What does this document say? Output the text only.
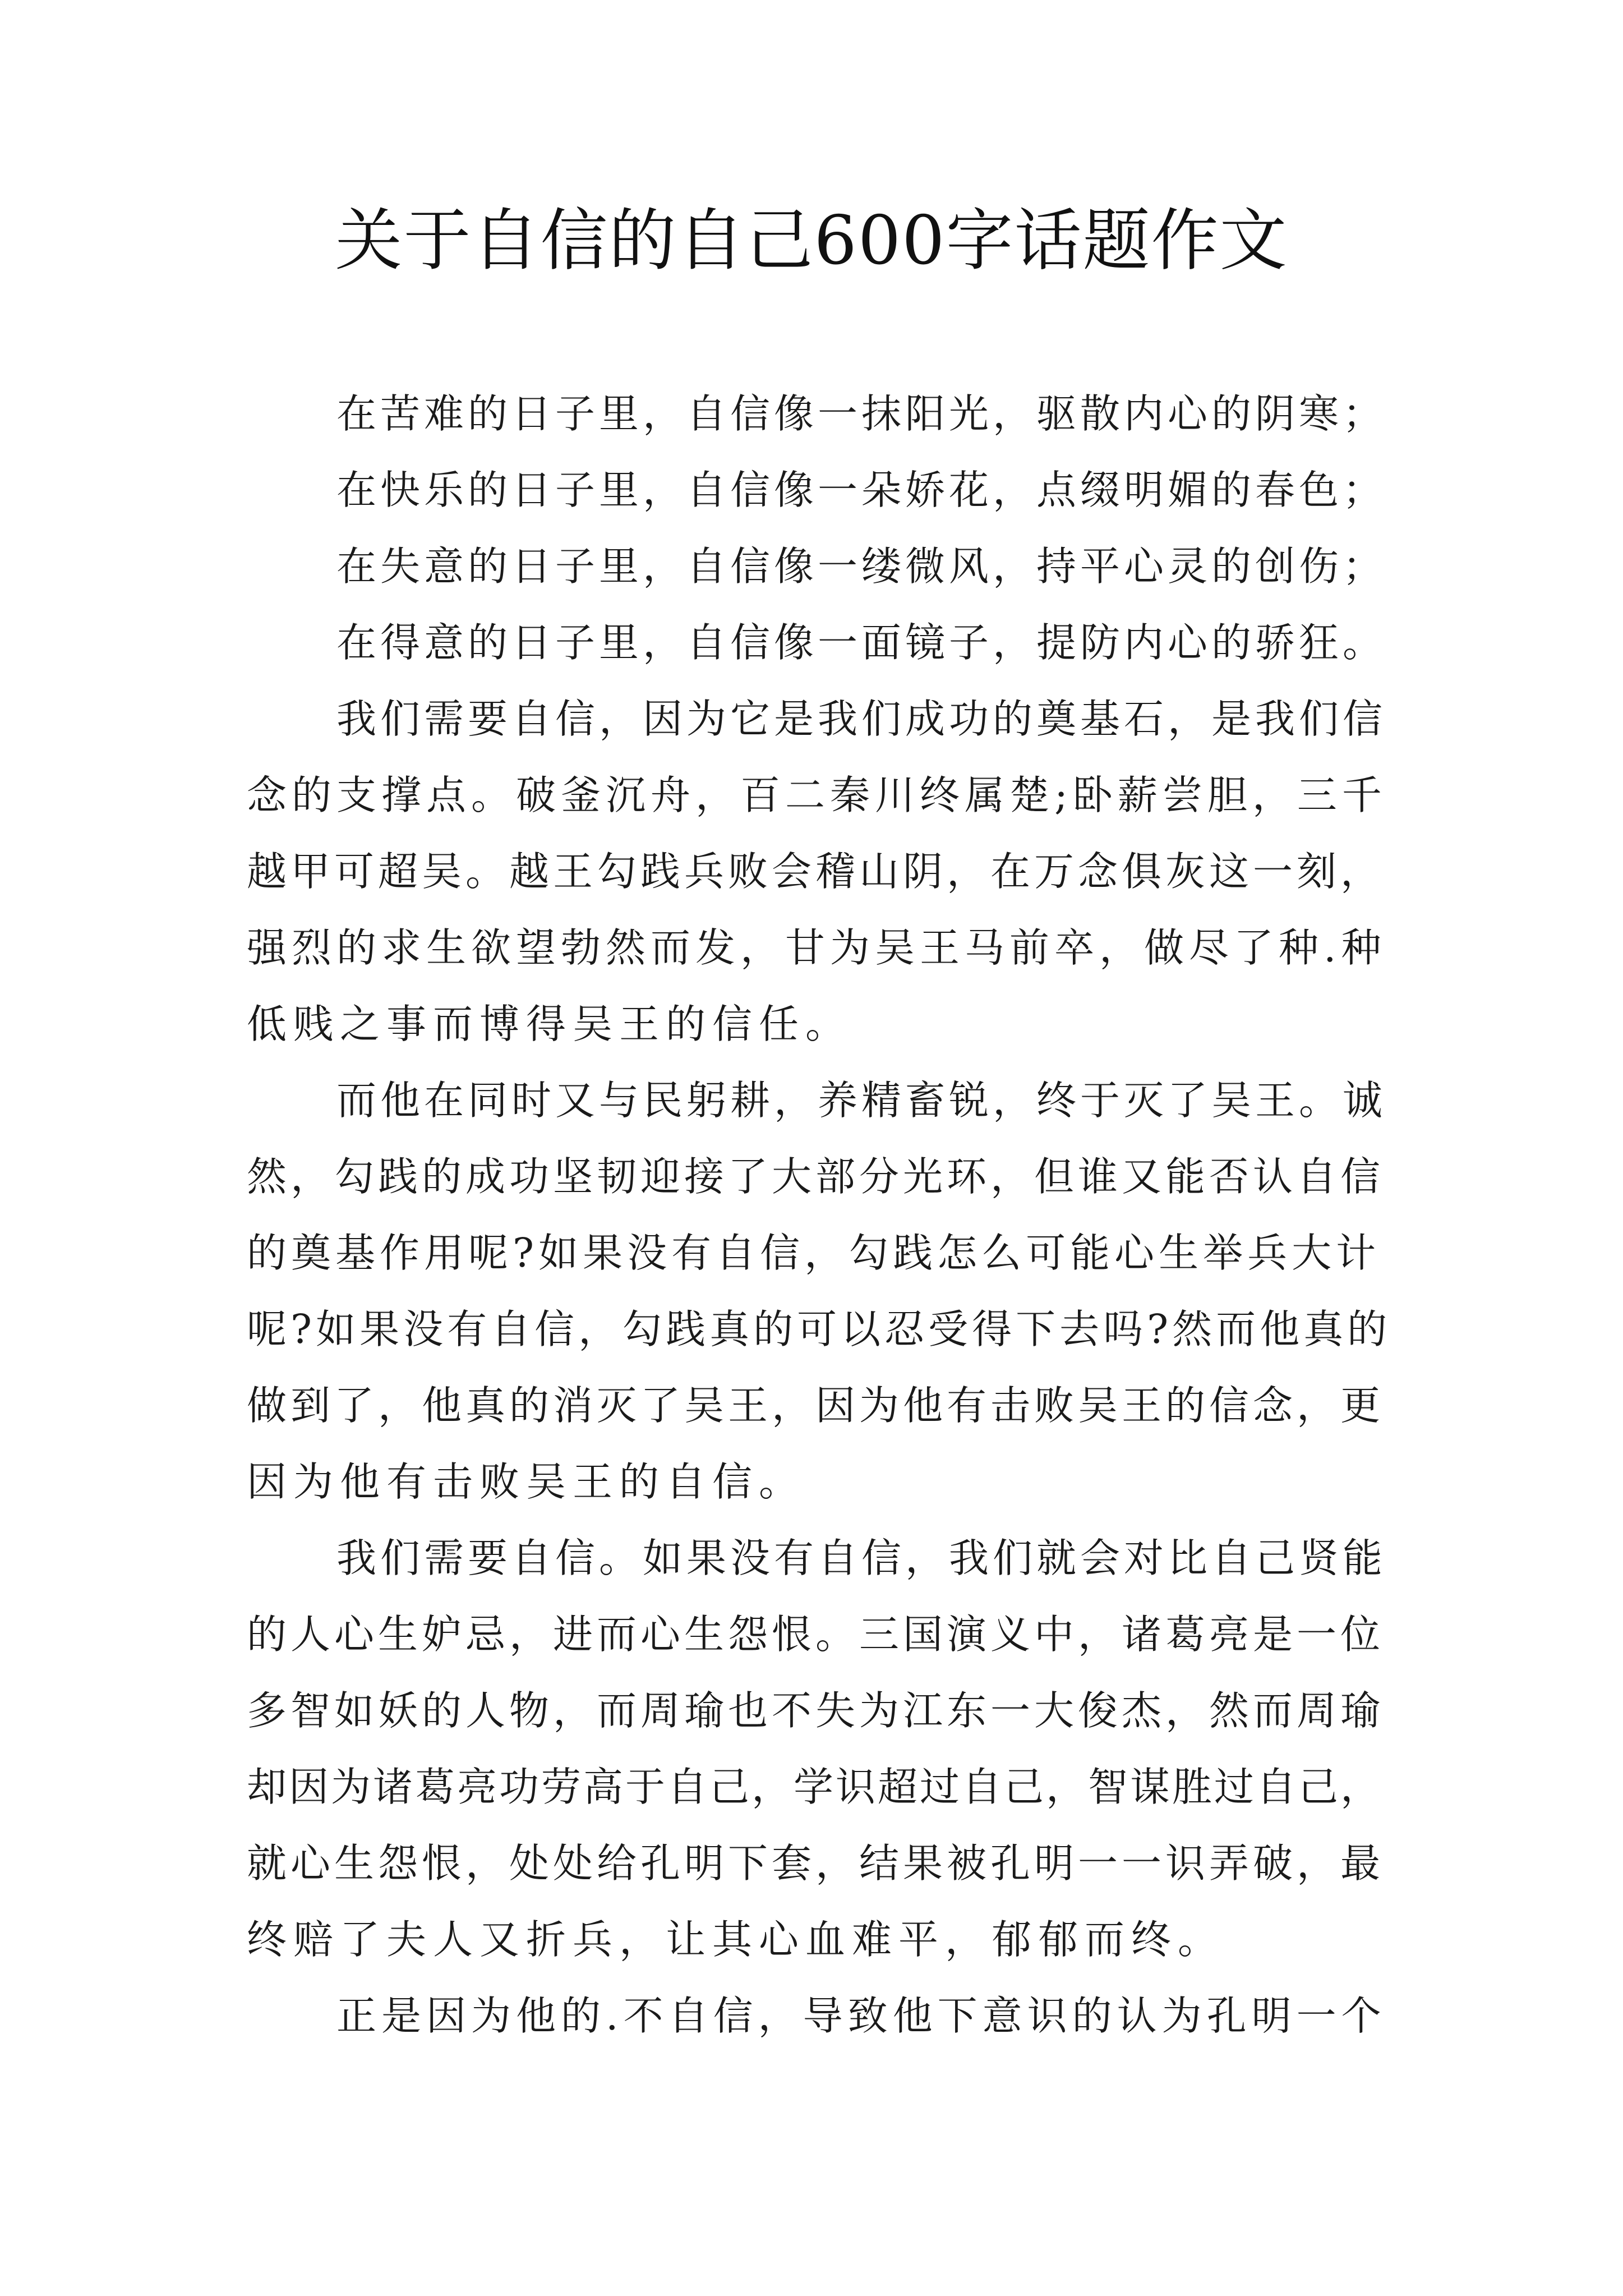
关于自信的自己600字话题作文

在苦难的日子里，自信像一抹阳光，驱散内心的阴寒；

在快乐的日子里，自信像一朵娇花，点缀明媚的春色；

在失意的日子里，自信像一缕微风，持平心灵的创伤；

在得意的日子里，自信像一面镜子，提防内心的骄狂。

我们需要自信，因为它是我们成功的奠基石，是我们信

念的支撑点。破釜沉舟，百二秦川终属楚;卧薪尝胆，三千

越甲可超吴。越王勾践兵败会稽山阴，在万念俱灰这一刻，

强烈的求生欲望勃然而发，甘为吴王马前卒，做尽了种.种

低贱之事而博得吴王的信任。

而他在同时又与民躬耕，养精畜锐，终于灭了吴王。诚

然，勾践的成功坚韧迎接了大部分光环，但谁又能否认自信

的奠基作用呢?如果没有自信，勾践怎么可能心生举兵大计

呢?如果没有自信，勾践真的可以忍受得下去吗?然而他真的

做到了，他真的消灭了吴王，因为他有击败吴王的信念，更

因为他有击败吴王的自信。

我们需要自信。如果没有自信，我们就会对比自己贤能

的人心生妒忌，进而心生怨恨。三国演义中，诸葛亮是一位

多智如妖的人物，而周瑜也不失为江东一大俊杰，然而周瑜

却因为诸葛亮功劳高于自己，学识超过自己，智谋胜过自己，

就心生怨恨，处处给孔明下套，结果被孔明一一识弄破，最

终赔了夫人又折兵，让其心血难平，郁郁而终。

正是因为他的.不自信，导致他下意识的认为孔明一个
